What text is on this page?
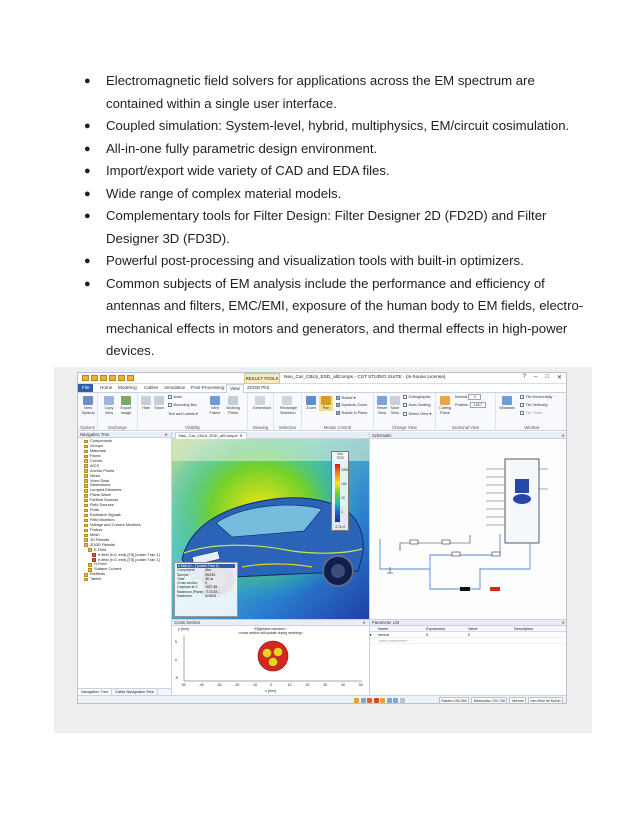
● Electromagnetic field solvers for applications across the EM spectrum are contained within a single user interface.
● Coupled simulation: System-level, hybrid, multiphysics, EM/circuit cosimulation.
● All-in-one fully parametric design environment.
● Import/export wide variety of CAD and EDA files.
● Wide range of complex material models.
● Complementary tools for Filter Design: Filter Designer 2D (FD2D) and Filter Designer 3D (FD3D).
● Powerful post-processing and visualization tools with built-in optimizers.
● Common subjects of EM analysis include the performance and efficiency of antennas and filters, EMC/EMI, exposure of the human body to EM fields, electro-mechanical effects in motors and generators, and thermal effects in high-power devices.
RESULT TOOLS	Neu_Car_CBL5_ESD_allComps - CST STUDIO SUITE - [In-house License]	? – □ ✕
File	Home Modeling Cables Simulation Post-Processing	View	2D/3D Plot
View Options
Options
Copy View
Export Image
Exchange
Hide	Show
Axes
Bounding Box
Text and Labels ▾
Wire Frame
Working Plane
Visibility
Dimension
Drawing
Rectangle Selection
Selection
Zoom	Pan
Rotate ▾
Dynamic Zoom
Rotate in Plane
Mouse Control
Reset View
Save View
Orthographic
Axes Scaling
Select View ▾
Change View
Cutting Plane
Normal X
Position 1527
Sectional View
Windows
Tile Horizontally
Tile Vertically
Tile Three
Window
Navigation Tree	✕
Components
Groups
Materials
Faces
Curves
WCS
Anchor Points
Wires
Voxel Data
Dimensions
Lumped Elements
Plane Wave
Farfield Sources
Field Sources
Ports
Excitation Signals
Field Monitors
Voltage and Current Monitors
Probes
Mesh
1D Results
2D/3D Results
E-Field
e-field (t=0..end),[T5] [cosim Tran 1]
e-field (t=0..end),[T5] [cosim Tran 1]
H-Field
Surface Current
Farfields
Tables
Navigation Tree	Cable Navigation Tree
Neu_Car_CBL5_ESD_allComps* ✕
V/m
7220
1000
100
10
1
2.7e-4
e-field (t=...) [cosim Tran 1]
Component	Abs
Sample	55/182
Time	38 ns
Cross section	X
Cutplane at X	1527.85...
Maximum (Plane) 7124.83 ...
Maximum	829834 ...
Schematic	✕
Cross Section	✕
y [mm]	E(t)phase=random>
<cross section will update during meshing>
5
0
-5
-50	-40	-30	-20	-10	0	10	20	30	40	50
x [mm]
Parameter List	✕
Name	Expression	Value	Description
▸	mmrot	0	0
<new parameter>
Raster=100.000	Meshcells=700,708	Normal	mm MHz ns Kelvin
